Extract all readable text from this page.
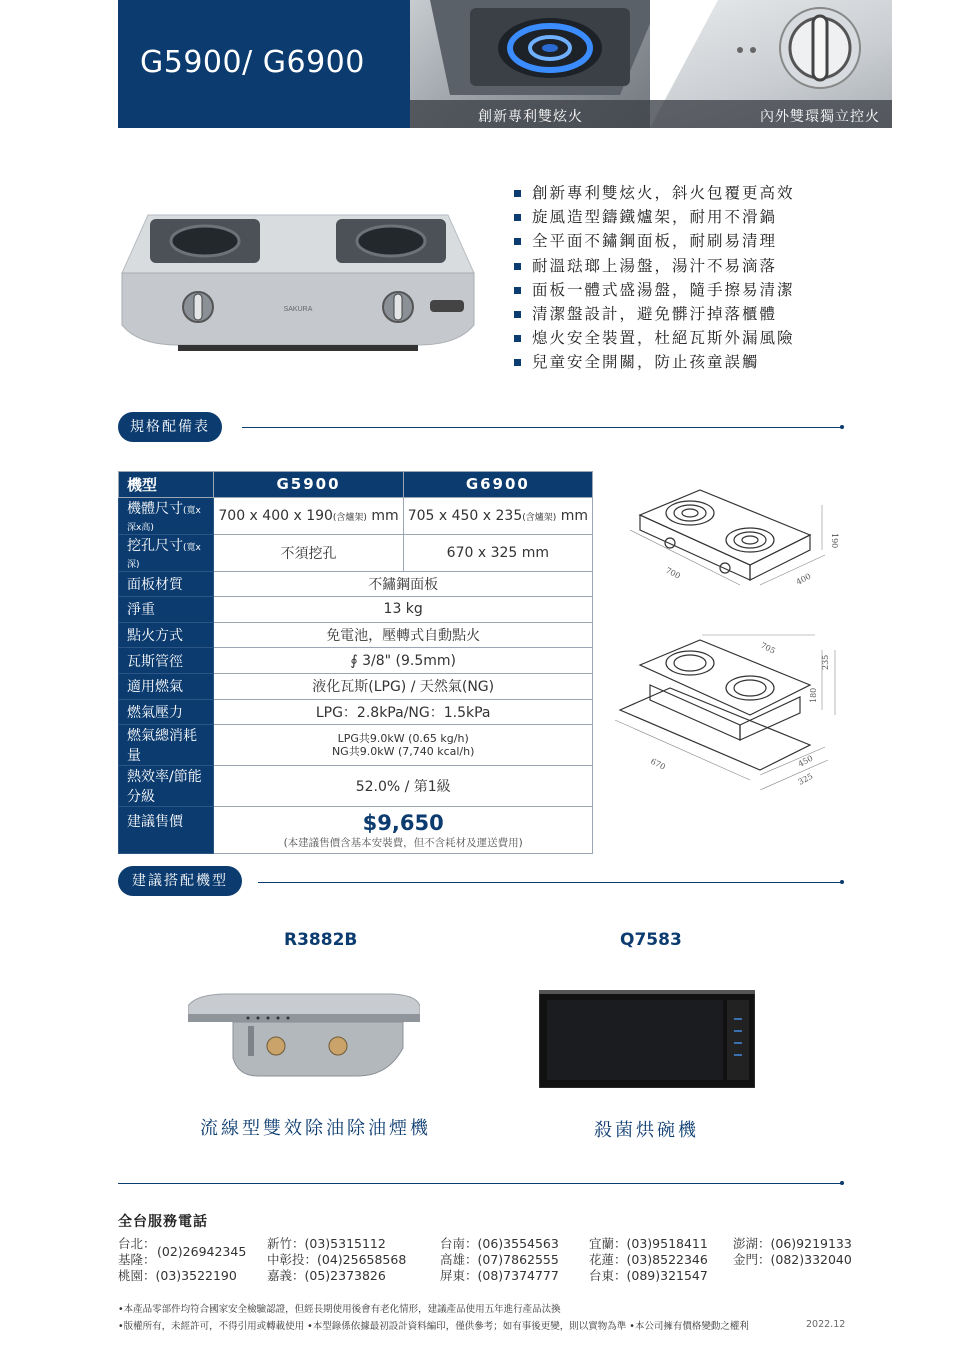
G5900/ G6900
創新專利雙炫火	內外雙環獨立控火
SAKURA
創新專利雙炫火，斜火包覆更高效
旋風造型鑄鐵爐架，耐用不滑鍋
全平面不鏽鋼面板，耐刷易清理
耐溫琺瑯上湯盤，湯汁不易滴落
面板一體式盛湯盤，隨手擦易清潔
清潔盤設計，避免髒汙掉落櫃體
熄火安全裝置，杜絕瓦斯外漏風險
兒童安全開關，防止孩童誤觸
規格配備表
機型	G5900	G6900
機體尺寸(寬x深x高)	700 x 400 x 190(含爐架) mm	705 x 450 x 235(含爐架) mm
挖孔尺寸(寬x深)	不須挖孔	670 x 325 mm
面板材質	不鏽鋼面板	
淨重	13 kg	
點火方式	免電池，壓轉式自動點火	
瓦斯管徑	∮ 3/8" (9.5mm)	
適用燃氣	液化瓦斯(LPG) / 天然氣(NG)	
燃氣壓力	LPG：2.8kPa/NG：1.5kPa	
燃氣總消耗量	LPG共9.0kW (0.65 kg/h)
NG共9.0kW (7,740 kcal/h)	
熱效率/節能分級	52.0% / 第1級	
建議售價	$9,650
(本建議售價含基本安裝費，但不含耗材及運送費用)	
700	400
190
705
235
180
670	450
325
建議搭配機型
R3882B	Q7583
流線型雙效除油除油煙機	殺菌烘碗機
全台服務電話
台北：
基隆：
(02)26942345
桃園：(03)3522190
新竹：(03)5315112
中彰投：(04)25658568
嘉義：(05)2373826
台南：(06)3554563
高雄：(07)7862555
屏東：(08)7374777
宜蘭：(03)9518411
花蓮：(03)8522346
台東：(089)321547
澎湖：(06)9219133
金門：(082)332040
•本產品零部件均符合國家安全檢驗認證，但經長期使用後會有老化情形，建議產品使用五年進行產品汰換
•版權所有，未經許可，不得引用或轉載使用 •本型錄係依據最初設計資料編印，僅供參考；如有事後更變，則以實物為準 •本公司擁有價格變動之權利	2022.12
